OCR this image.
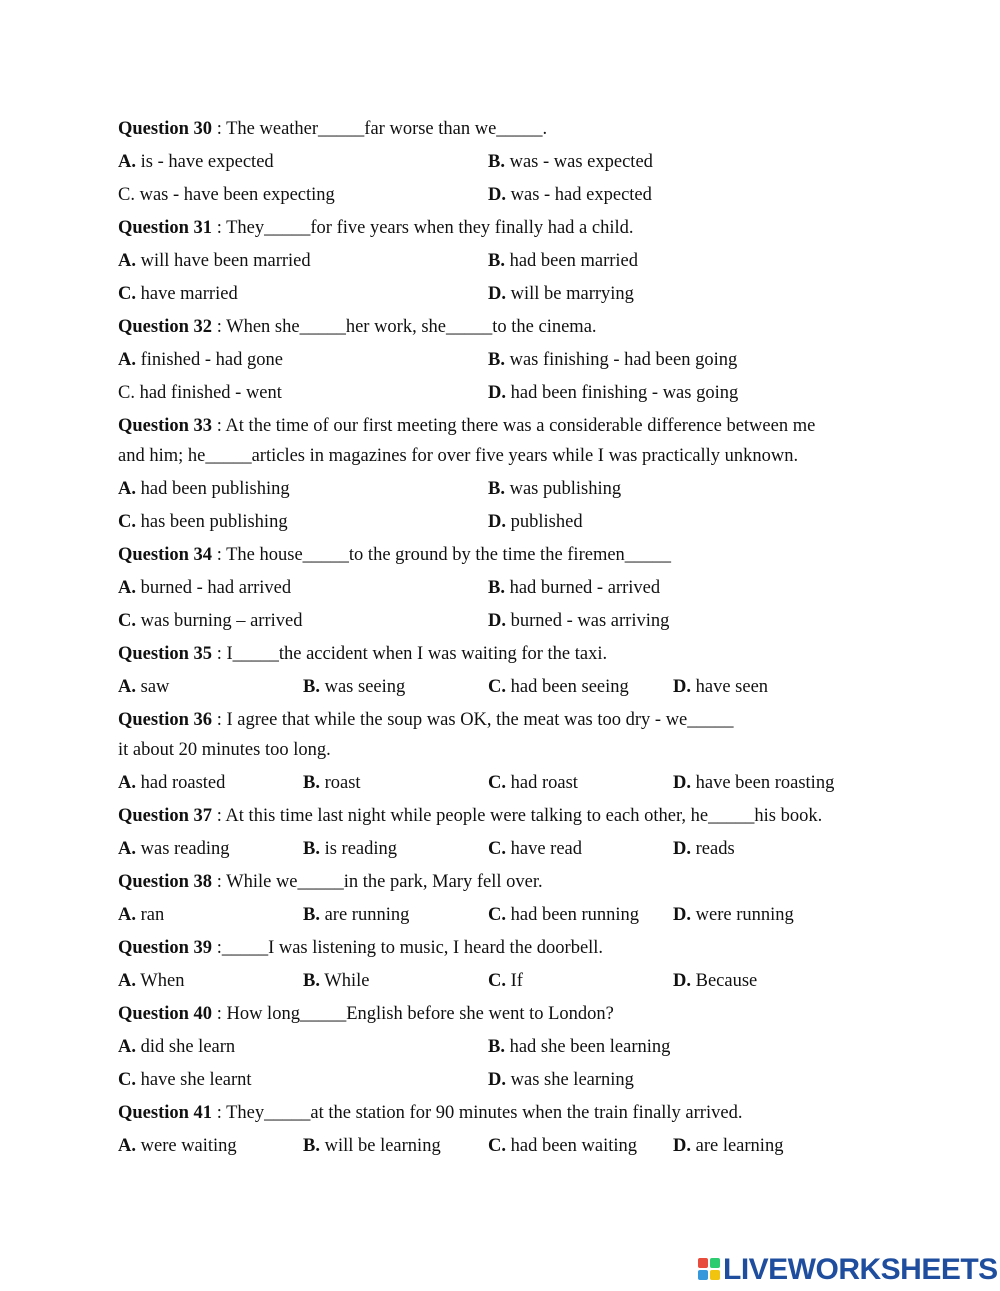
Question 30 : The weather_____far worse than we_____.
A. is - have expected	B. was - was expected
C. was - have been expecting	D. was - had expected
Question 31 : They_____for five years when they finally had a child.
A. will have been married	B. had been married
C. have married	D. will be marrying
Question 32 : When she_____her work, she_____to the cinema.
A. finished - had gone	B. was finishing - had been going
C. had finished - went	D. had been finishing - was going
Question 33 : At the time of our first meeting there was a considerable difference between me
and him; he_____articles in magazines for over five years while I was practically unknown.
A. had been publishing	B. was publishing
C. has been publishing	D. published
Question 34 : The house_____to the ground by the time the firemen_____
A. burned - had arrived	B. had burned - arrived
C. was burning – arrived	D. burned - was arriving
Question 35 : I_____the accident when I was waiting for the taxi.
A. saw	B. was seeing	C. had been seeing D. have seen
Question 36 : I agree that while the soup was OK, the meat was too dry - we_____
it about 20 minutes too long.
A. had roasted	B. roast	C. had roast	D. have been roasting
Question 37 : At this time last night while people were talking to each other, he_____his book.
A. was reading	B. is reading	C. have read	D. reads
Question 38 : While we_____in the park, Mary fell over.
A. ran	B. are running	C. had been running D. were running
Question 39 :_____I was listening to music, I heard the doorbell.
A. When	B. While	C. If	D. Because
Question 40 : How long_____English before she went to London?
A. did she learn	B. had she been learning
C. have she learnt	D. was she learning
Question 41 : They_____at the station for 90 minutes when the train finally arrived.
A. were waiting	B. will be learning	C. had been waiting D. are learning
LIVEWORKSHEETS
